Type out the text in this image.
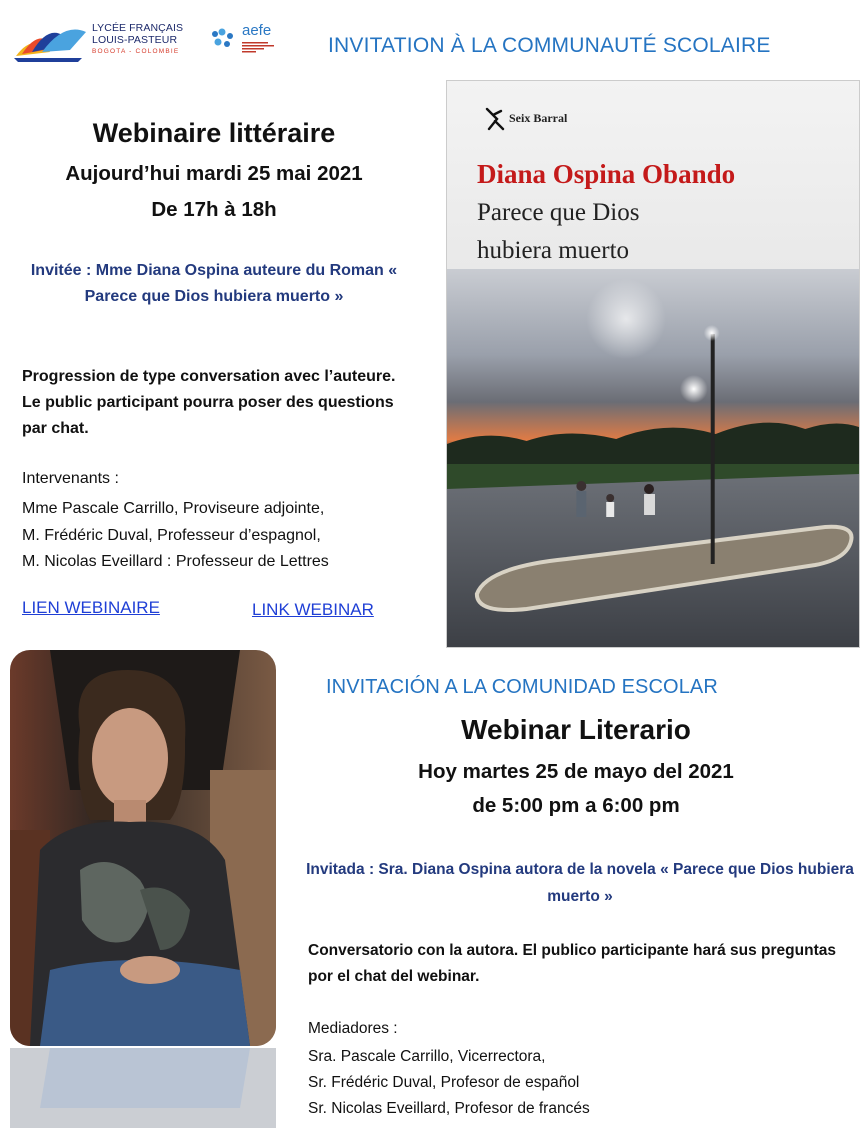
LYCÉE FRANÇAIS
LOUIS-PASTEUR
BOGOTA - COLOMBIE
aefe
INVITATION À LA COMMUNAUTÉ SCOLAIRE
Webinaire littéraire
Aujourd’hui mardi 25 mai 2021
De 17h à 18h
Invitée : Mme Diana Ospina auteure du Roman « Parece que Dios hubiera muerto »
Progression de type conversation avec l’auteure. Le public participant pourra poser des questions par chat.
Intervenants :
Mme Pascale Carrillo, Proviseure adjointe,
M. Frédéric Duval, Professeur d’espagnol,
M. Nicolas Eveillard : Professeur de Lettres
LIEN WEBINAIRE	LINK WEBINAR
Seix Barral
Diana Ospina Obando
Parece que Dios
hubiera muerto
INVITACIÓN A LA COMUNIDAD ESCOLAR
Webinar Literario
Hoy martes 25 de mayo del 2021
de 5:00 pm a 6:00 pm
Invitada : Sra. Diana Ospina autora de la novela « Parece que Dios hubiera muerto »
Conversatorio con la autora. El publico participante hará sus preguntas por el chat del webinar.
Mediadores :
Sra. Pascale Carrillo, Vicerrectora,
Sr. Frédéric Duval, Profesor de español
Sr. Nicolas Eveillard, Profesor de francés
